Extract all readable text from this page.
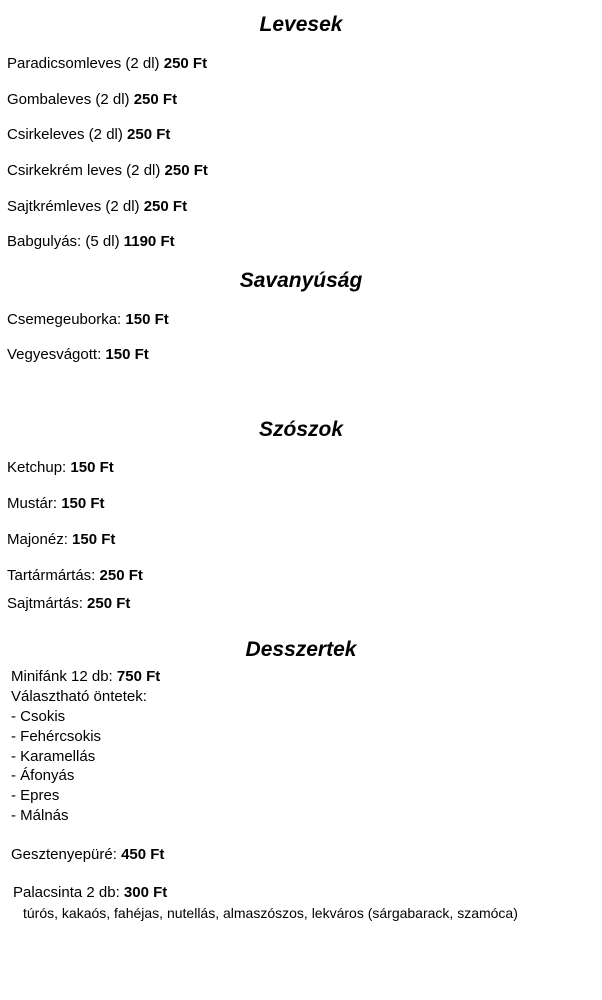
Levesek
Paradicsomleves (2 dl) 250 Ft
Gombaleves (2 dl) 250 Ft
Csirkeleves (2 dl) 250 Ft
Csirkekrém leves (2 dl) 250 Ft
Sajtkrémleves (2 dl) 250 Ft
Babgulyás: (5 dl) 1190 Ft
Savanyúság
Csemegeuborka: 150 Ft
Vegyesvágott: 150 Ft
Szószok
Ketchup: 150 Ft
Mustár: 150 Ft
Majonéz: 150 Ft
Tartármártás: 250 Ft
Sajtmártás: 250 Ft
Desszertek
Minifánk 12 db: 750 Ft
Választható öntetek:
- Csokis
- Fehércsokis
- Karamellás
- Áfonyás
- Epres
- Málnás
Gesztenyepüré: 450 Ft
Palacsinta 2 db: 300 Ft
túrós, kakaós, fahéjas, nutellás, almaszószos, lekváros (sárgabarack, szamóca)
